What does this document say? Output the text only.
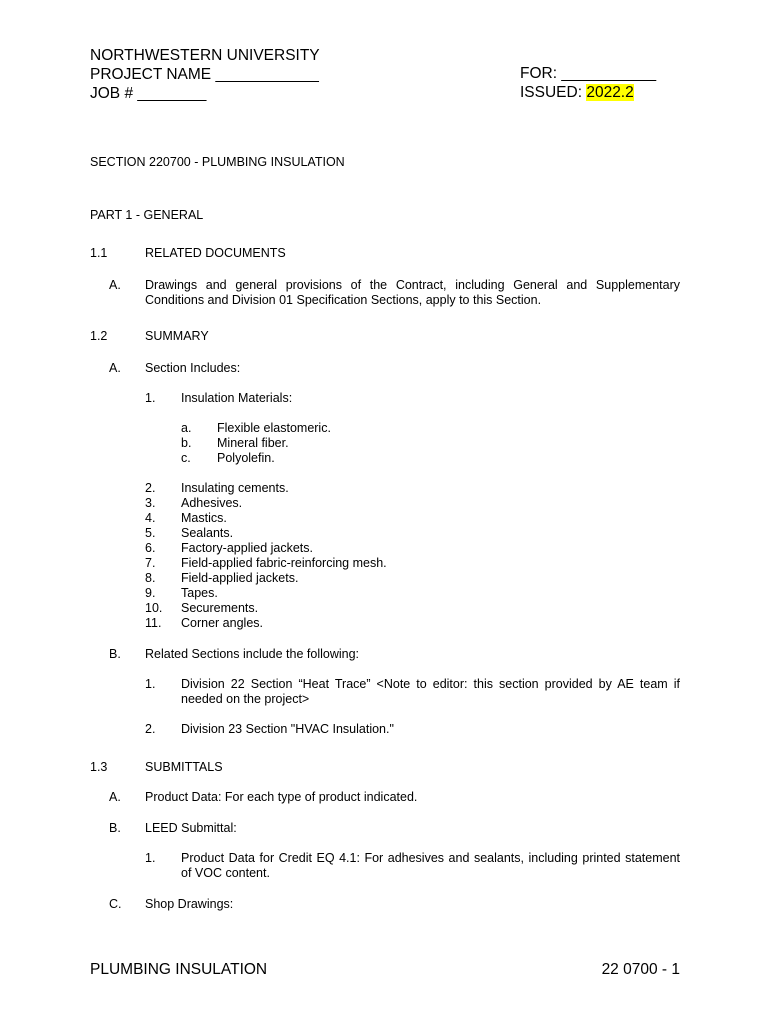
NORTHWESTERN UNIVERSITY
PROJECT NAME ____________
JOB # ________
FOR: ___________
ISSUED: 2022.2
SECTION 220700 - PLUMBING INSULATION
PART 1 - GENERAL
1.1	RELATED DOCUMENTS
A. Drawings and general provisions of the Contract, including General and Supplementary Conditions and Division 01 Specification Sections, apply to this Section.
1.2	SUMMARY
A. Section Includes:
1. Insulation Materials:
a. Flexible elastomeric.
b. Mineral fiber.
c. Polyolefin.
2. Insulating cements.
3. Adhesives.
4. Mastics.
5. Sealants.
6. Factory-applied jackets.
7. Field-applied fabric-reinforcing mesh.
8. Field-applied jackets.
9. Tapes.
10. Securements.
11. Corner angles.
B. Related Sections include the following:
1. Division 22 Section “Heat Trace” <Note to editor: this section provided by AE team if needed on the project>
2. Division 23 Section "HVAC Insulation."
1.3	SUBMITTALS
A. Product Data: For each type of product indicated.
B. LEED Submittal:
1. Product Data for Credit EQ 4.1: For adhesives and sealants, including printed statement of VOC content.
C. Shop Drawings:
PLUMBING INSULATION	22 0700 - 1
